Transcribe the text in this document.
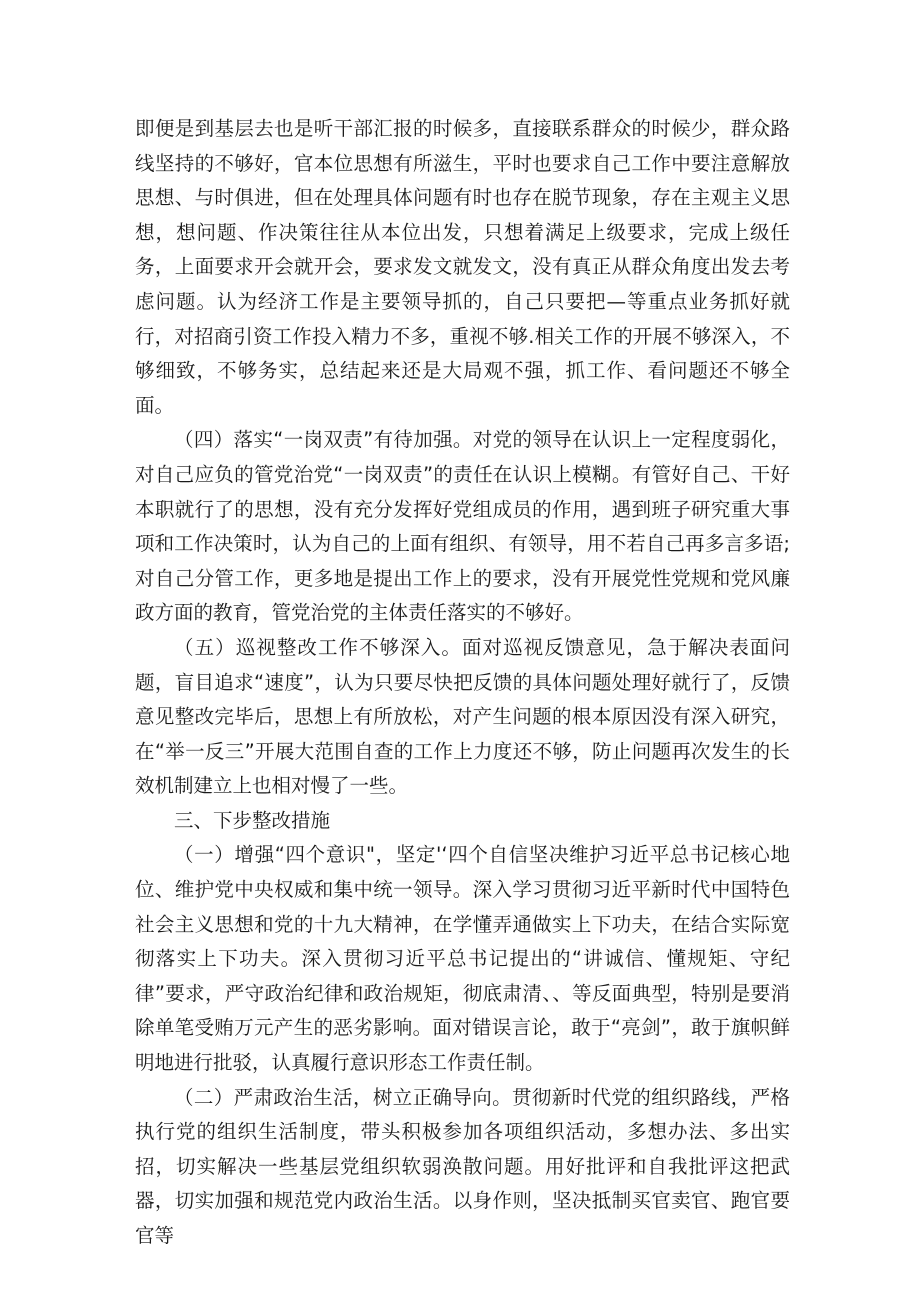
即便是到基层去也是听干部汇报的时候多，直接联系群众的时候少，群众路线坚持的不够好，官本位思想有所滋生，平时也要求自己工作中要注意解放思想、与时俱进，但在处理具体问题有时也存在脱节现象，存在主观主义思想，想问题、作决策往往从本位出发，只想着满足上级要求，完成上级任务，上面要求开会就开会，要求发文就发文，没有真正从群众角度出发去考虑问题。认为经济工作是主要领导抓的，自己只要把—等重点业务抓好就行，对招商引资工作投入精力不多，重视不够.相关工作的开展不够深入，不够细致，不够务实，总结起来还是大局观不强，抓工作、看问题还不够全面。

（四）落实“一岗双责”有待加强。对党的领导在认识上一定程度弱化，对自己应负的管党治党“一岗双责”的责任在认识上模糊。有管好自己、干好本职就行了的思想，没有充分发挥好党组成员的作用，遇到班子研究重大事项和工作决策时，认为自己的上面有组织、有领导，用不若自己再多言多语;对自己分管工作，更多地是提出工作上的要求，没有开展党性党规和党风廉政方面的教育，管党治党的主体责任落实的不够好。

（五）巡视整改工作不够深入。面对巡视反馈意见，急于解决表面问题，盲目追求“速度”，认为只要尽快把反馈的具体问题处理好就行了，反馈意见整改完毕后，思想上有所放松，对产生问题的根本原因没有深入研究，在“举一反三”开展大范围自查的工作上力度还不够，防止问题再次发生的长效机制建立上也相对慢了一些。

三、下步整改措施

（一）增强“四个意识"，坚定'‘四个自信坚决维护习近平总书记核心地位、维护党中央权威和集中统一领导。深入学习贯彻习近平新时代中国特色社会主义思想和党的十九大精神，在学懂弄通做实上下功夫，在结合实际宽彻落实上下功夫。深入贯彻习近平总书记提出的“讲诚信、懂规矩、守纪律”要求，严守政治纪律和政治规矩，彻底肃清、、等反面典型，特别是要消除单笔受贿万元产生的恶劣影响。面对错误言论，敢于“亮剑”，敢于旗帜鲜明地进行批驳，认真履行意识形态工作责任制。

（二）严肃政治生活，树立正确导向。贯彻新时代党的组织路线，严格执行党的组织生活制度，带头积极参加各项组织活动，多想办法、多出实招，切实解决一些基层党组织软弱涣散问题。用好批评和自我批评这把武器，切实加强和规范党内政治生活。以身作则，坚决抵制买官卖官、跑官要官等
